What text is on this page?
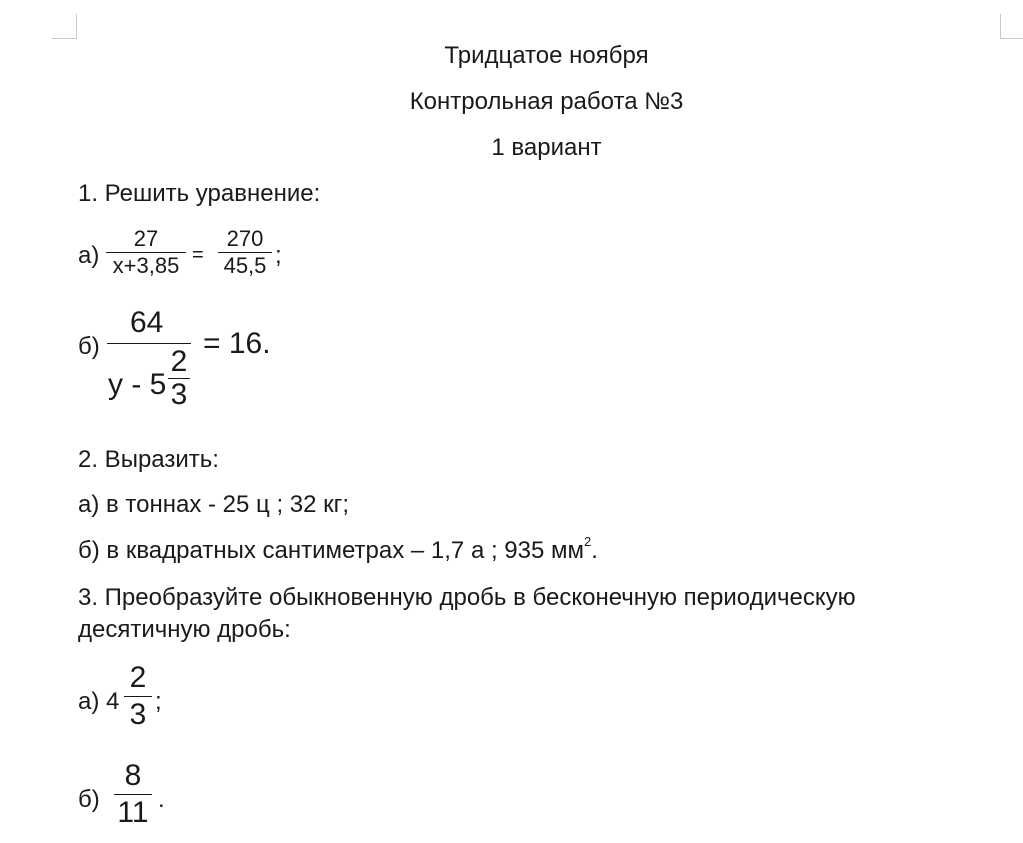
Тридцатое ноября
Контрольная работа №3
1 вариант
1. Решить уравнение:
а)
27
x+3,85 =
270
45,5 ;
б)
64
у - 5
2
3
= 16.
2. Выразить:
а) в тоннах - 25 ц ; 32 кг;
б) в квадратных сантиметрах – 1,7 а ; 935 $мм^2$.
3. Преобразуйте обыкновенную дробь в бесконечную периодическую
десятичную дробь:
а) 4
2
3 ;
б)
8
11 .
